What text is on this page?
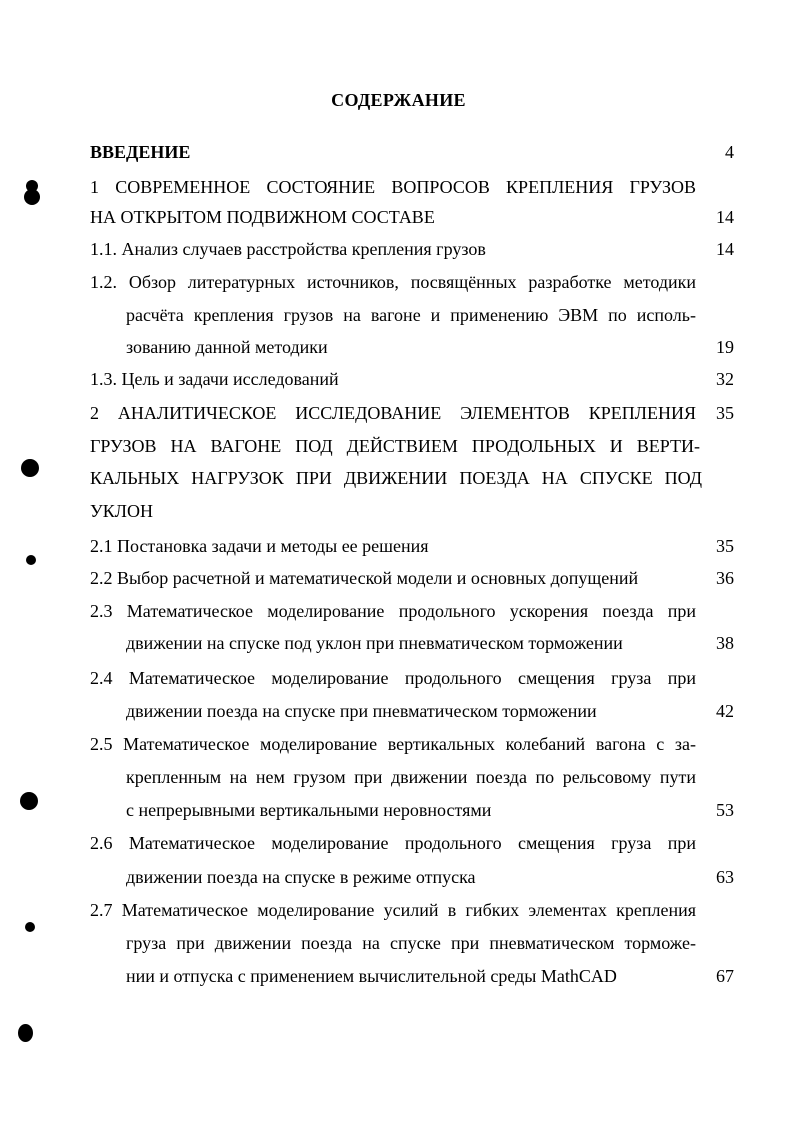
СОДЕРЖАНИЕ
ВВЕДЕНИЕ	4
1 СОВРЕМЕННОЕ СОСТОЯНИЕ ВОПРОСОВ КРЕПЛЕНИЯ ГРУЗОВ
НА ОТКРЫТОМ ПОДВИЖНОМ СОСТАВЕ	14
1.1. Анализ случаев расстройства крепления грузов	14
1.2. Обзор литературных источников, посвящённых разработке методики
расчёта крепления грузов на вагоне и применению ЭВМ по исполь-
зованию данной методики	19
1.3. Цель и задачи исследований	32
2 АНАЛИТИЧЕСКОЕ ИССЛЕДОВАНИЕ ЭЛЕМЕНТОВ КРЕПЛЕНИЯ	35
ГРУЗОВ НА ВАГОНЕ ПОД ДЕЙСТВИЕМ ПРОДОЛЬНЫХ И ВЕРТИ-
КАЛЬНЫХ НАГРУЗОК ПРИ ДВИЖЕНИИ ПОЕЗДА НА СПУСКЕ ПОД
УКЛОН
2.1 Постановка задачи и методы ее решения	35
2.2 Выбор расчетной и математической модели и основных допущений	36
2.3 Математическое моделирование продольного ускорения поезда при
движении на спуске под уклон при пневматическом торможении	38
2.4 Математическое моделирование продольного смещения груза при
движении поезда на спуске при пневматическом торможении	42
2.5 Математическое моделирование вертикальных колебаний вагона с за-
крепленным на нем грузом при движении поезда по рельсовому пути
с непрерывными вертикальными неровностями	53
2.6 Математическое моделирование продольного смещения груза при
движении поезда на спуске в режиме отпуска	63
2.7 Математическое моделирование усилий в гибких элементах крепления
груза при движении поезда на спуске при пневматическом торможе-
нии и отпуска с применением вычислительной среды MathCAD	67
